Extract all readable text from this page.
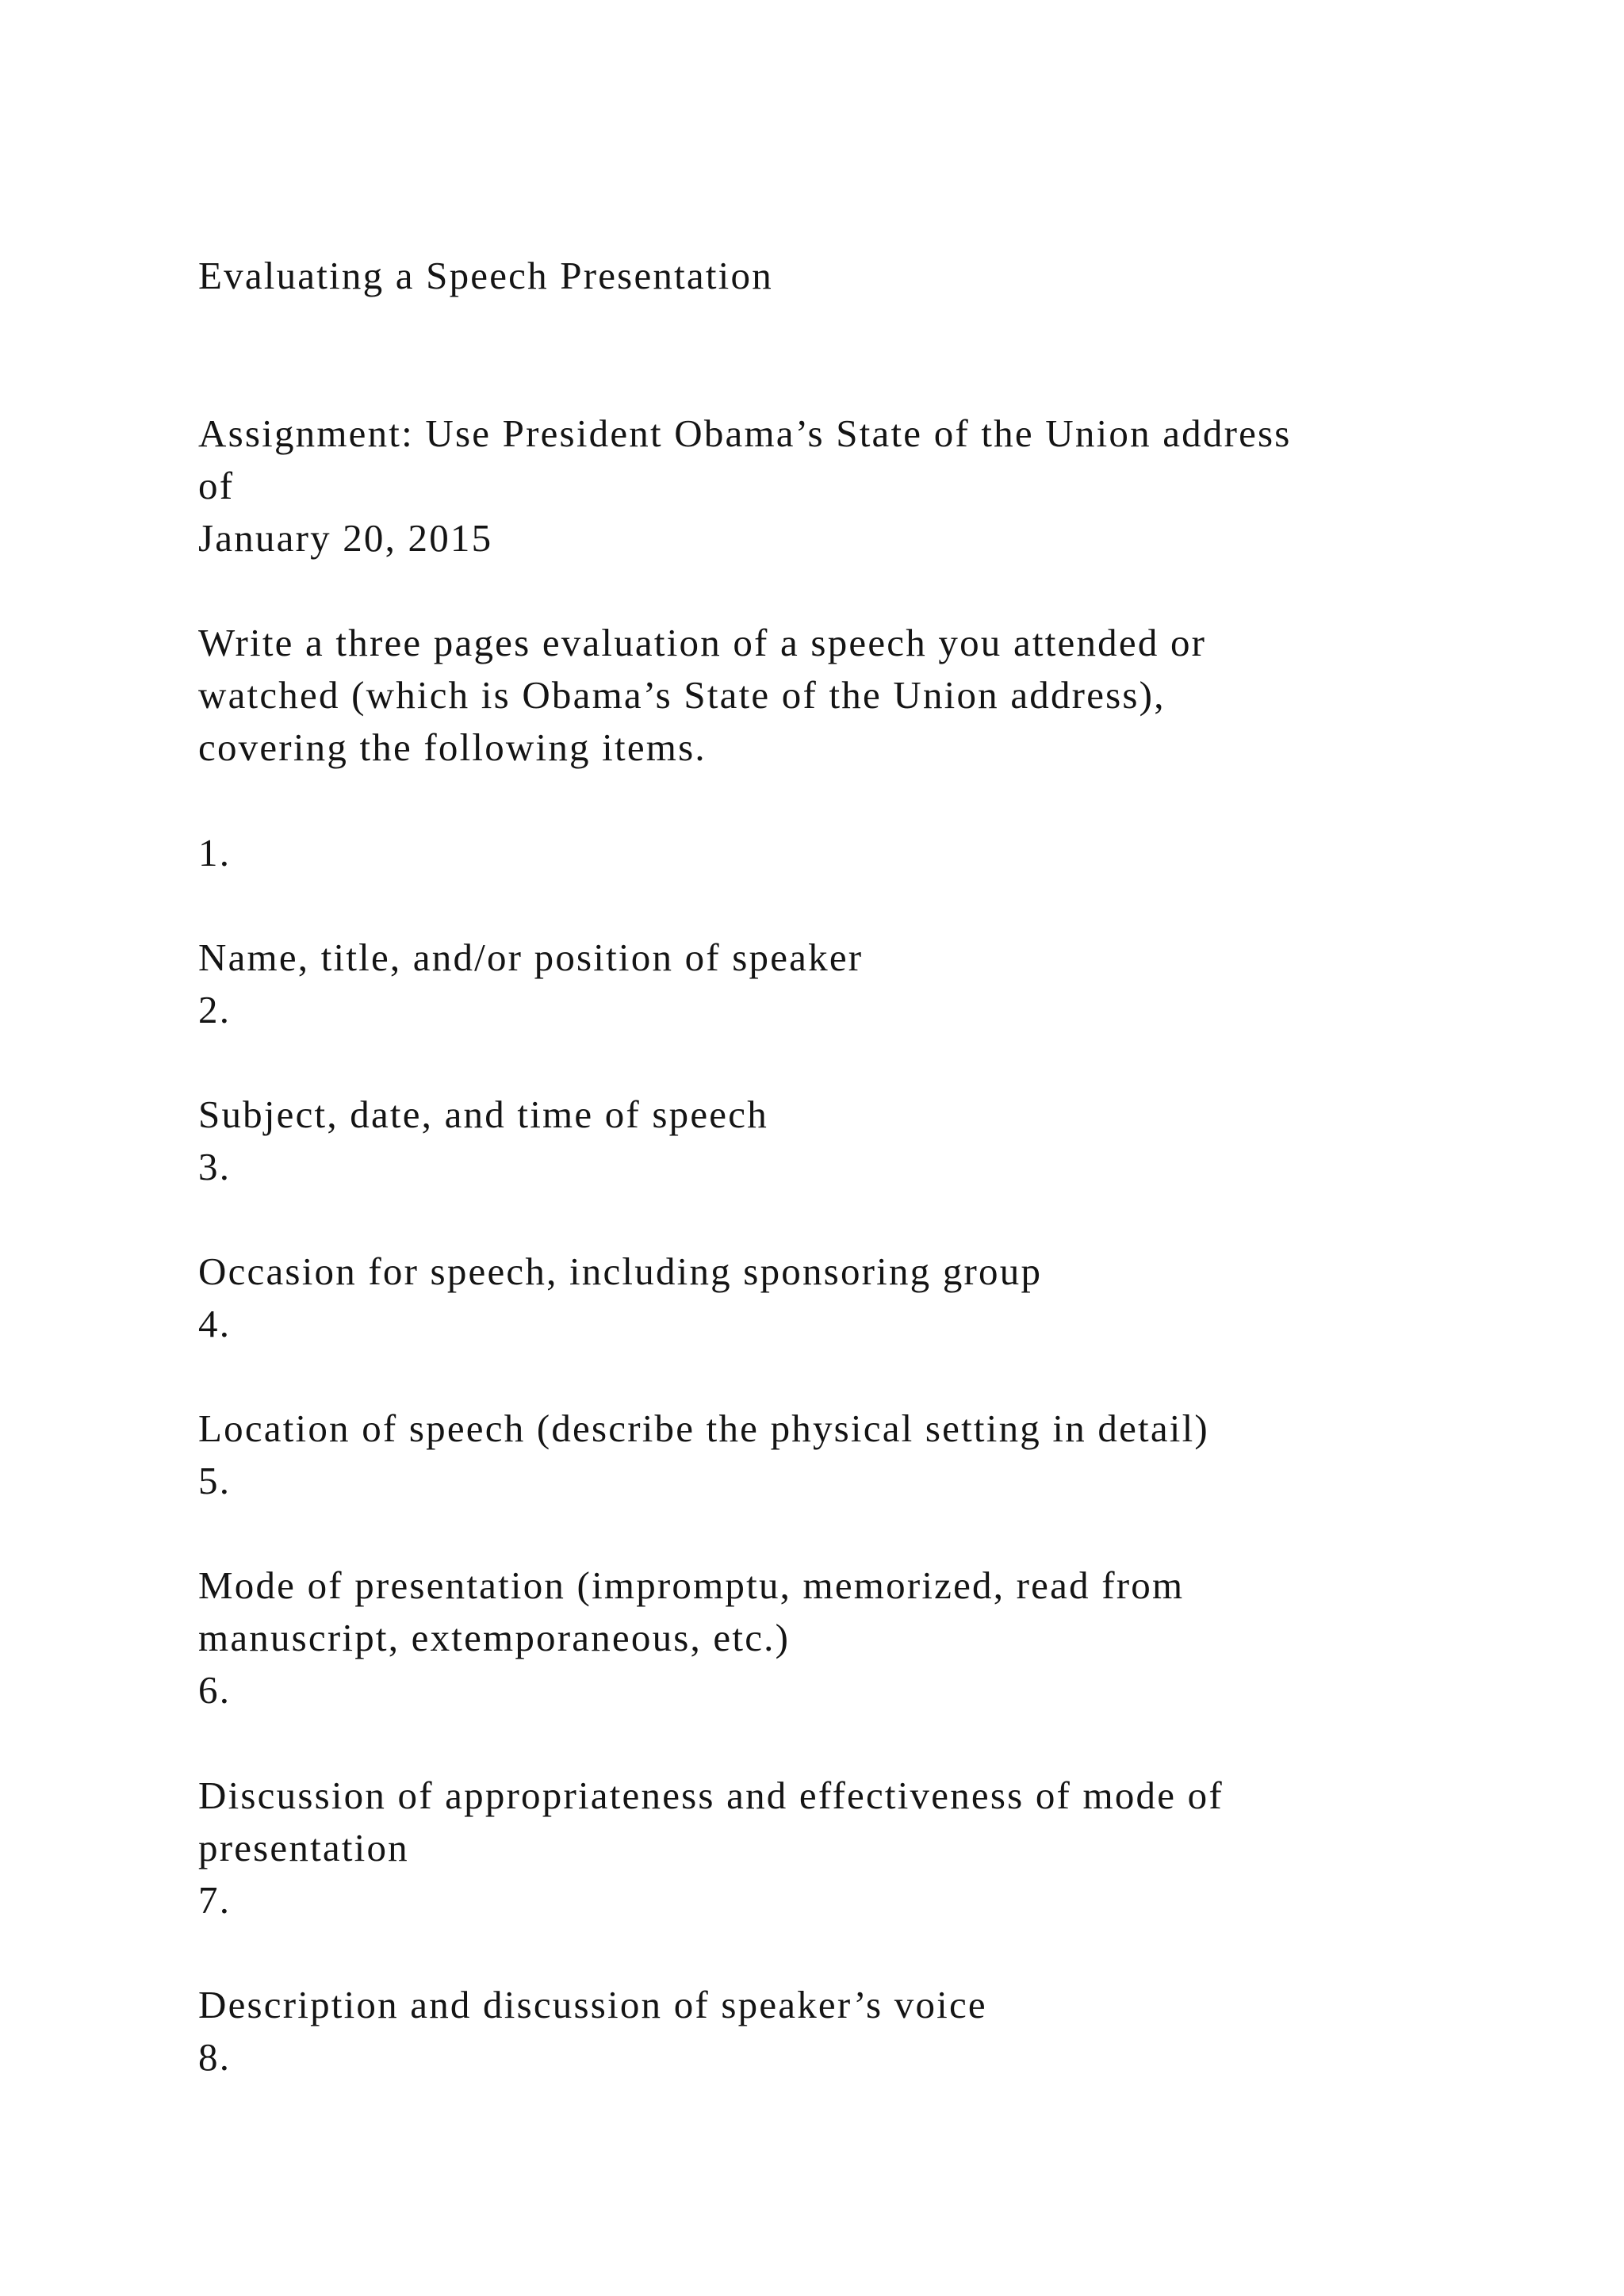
Evaluating a Speech Presentation

Assignment: Use President Obama’s State of the Union address

of

January 20, 2015

Write a three pages evaluation of a speech you attended or

watched (which is Obama’s State of the Union address),

covering the following items.

1.

Name, title, and/or position of speaker

2.

Subject, date, and time of speech

3.

Occasion for speech, including sponsoring group

4.

Location of speech (describe the physical setting in detail)

5.

Mode of presentation (impromptu, memorized, read from

manuscript, extemporaneous, etc.)

6.

Discussion of appropriateness and effectiveness of mode of

presentation

7.

Description and discussion of speaker’s voice

8.
